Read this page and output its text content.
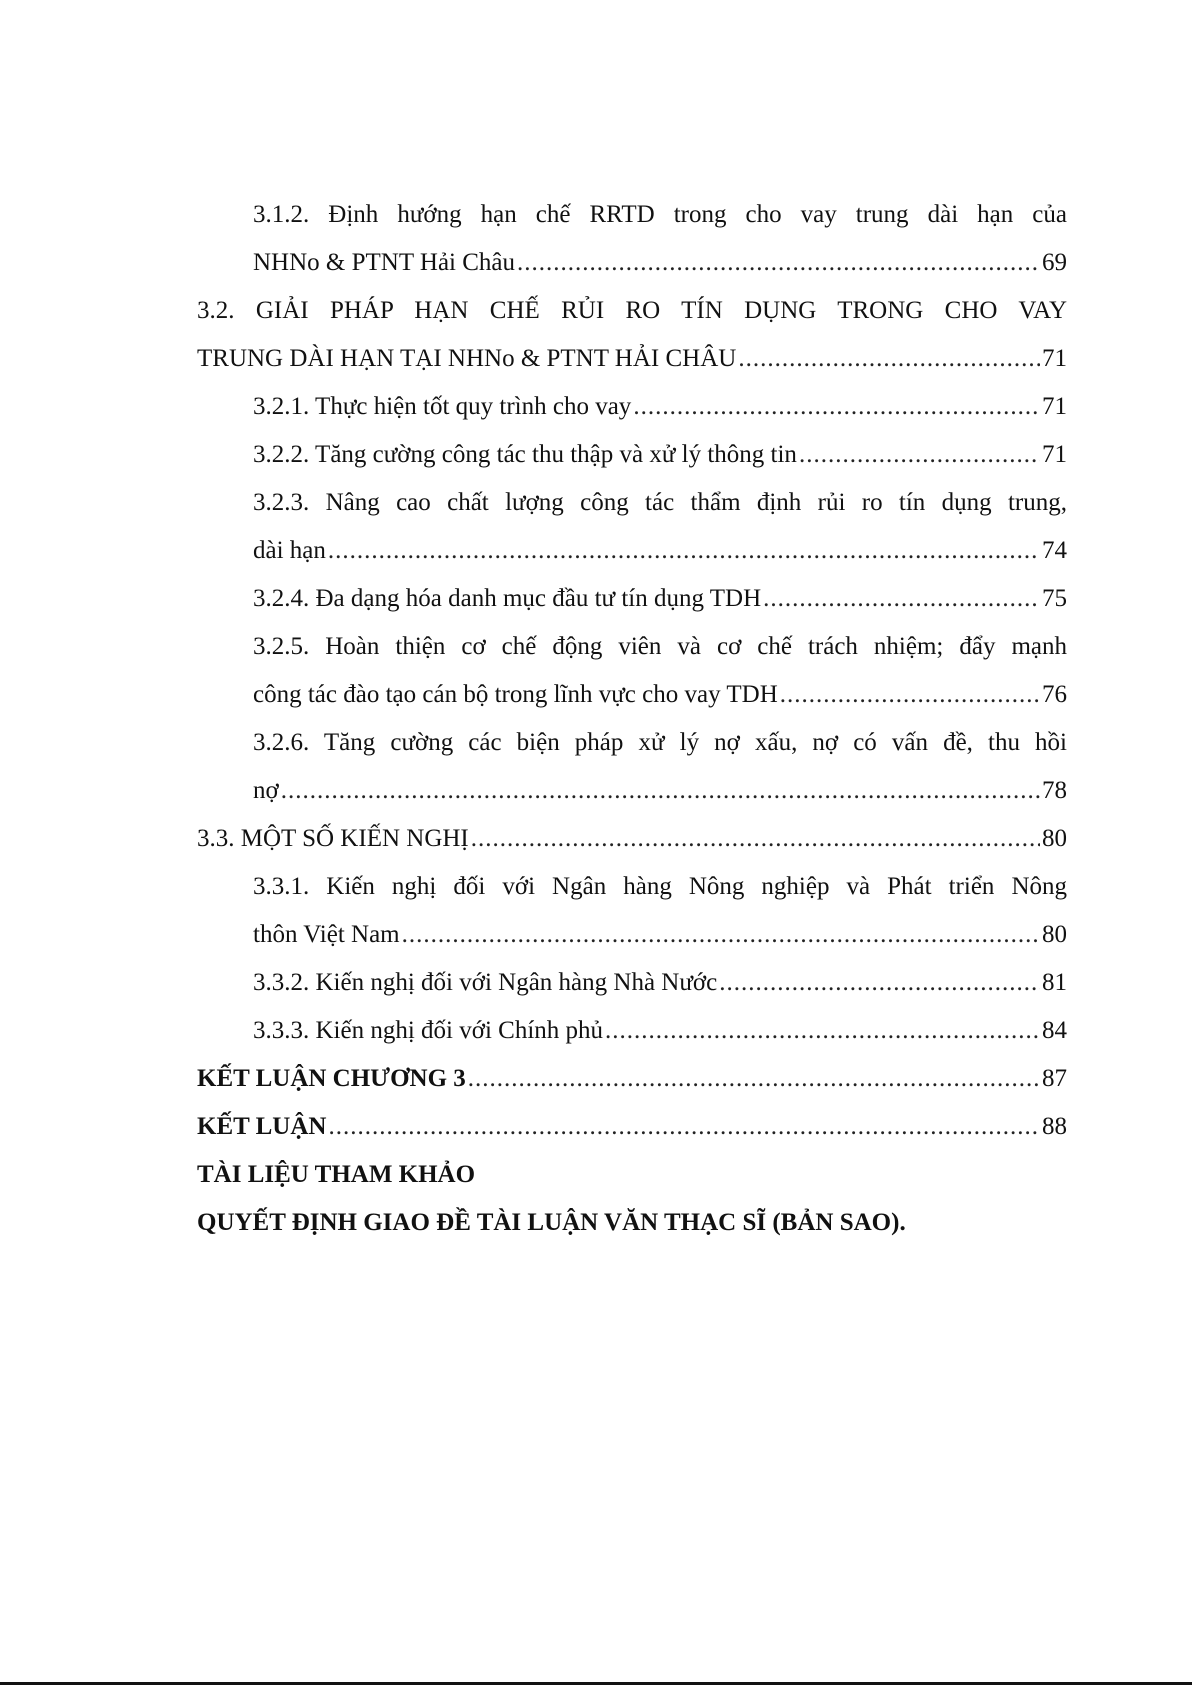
3.1.2. Định hướng hạn chế RRTD trong cho vay trung dài hạn của
NHNo & PTNT Hải Châu .....	69
3.2. GIẢI PHÁP HẠN CHẾ RỦI RO TÍN DỤNG TRONG CHO VAY
TRUNG DÀI HẠN TẠI NHNo & PTNT HẢI CHÂU .....	71
3.2.1. Thực hiện tốt quy trình cho vay .....	71
3.2.2. Tăng cường công tác thu thập và xử lý thông tin .....	71
3.2.3. Nâng cao chất lượng công tác thẩm định rủi ro tín dụng trung,
dài hạn .....	74
3.2.4. Đa dạng hóa danh mục đầu tư tín dụng TDH .....	75
3.2.5. Hoàn thiện cơ chế động viên và cơ chế trách nhiệm; đẩy mạnh
công tác đào tạo cán bộ trong lĩnh vực cho vay TDH .....	76
3.2.6. Tăng cường các biện pháp xử lý nợ xấu, nợ có vấn đề, thu hồi
nợ .....	78
3.3. MỘT SỐ KIẾN NGHỊ .....	80
3.3.1. Kiến nghị đối với Ngân hàng Nông nghiệp và Phát triển Nông
thôn Việt Nam .....	80
3.3.2. Kiến nghị đối với Ngân hàng Nhà Nước .....	81
3.3.3. Kiến nghị đối với Chính phủ .....	84
KẾT LUẬN CHƯƠNG 3 .....	87
KẾT LUẬN .....	88
TÀI LIỆU THAM KHẢO
QUYẾT ĐỊNH GIAO ĐỀ TÀI LUẬN VĂN THẠC SĨ (BẢN SAO).
